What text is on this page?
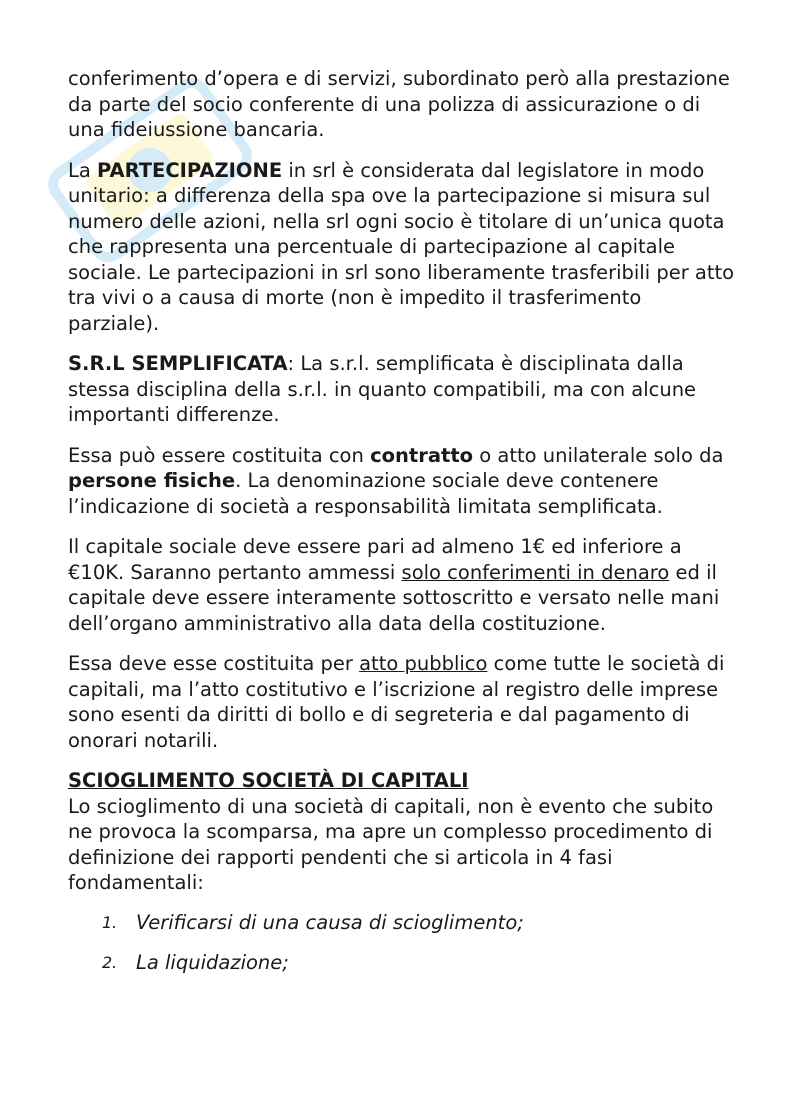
conferimento d’opera e di servizi, subordinato però alla prestazione da parte del socio conferente di una polizza di assicurazione o di una fideiussione bancaria.

La PARTECIPAZIONE in srl è considerata dal legislatore in modo unitario: a differenza della spa ove la partecipazione si misura sul numero delle azioni, nella srl ogni socio è titolare di un’unica quota che rappresenta una percentuale di partecipazione al capitale sociale. Le partecipazioni in srl sono liberamente trasferibili per atto tra vivi o a causa di morte (non è impedito il trasferimento parziale).

S.R.L SEMPLIFICATA: La s.r.l. semplificata è disciplinata dalla stessa disciplina della s.r.l. in quanto compatibili, ma con alcune importanti differenze.

Essa può essere costituita con contratto o atto unilaterale solo da persone fisiche. La denominazione sociale deve contenere l’indicazione di società a responsabilità limitata semplificata.

Il capitale sociale deve essere pari ad almeno 1€ ed inferiore a €10K. Saranno pertanto ammessi solo conferimenti in denaro ed il capitale deve essere interamente sottoscritto e versato nelle mani dell’organo amministrativo alla data della costituzione.

Essa deve esse costituita per atto pubblico come tutte le società di capitali, ma l’atto costitutivo e l’iscrizione al registro delle imprese sono esenti da diritti di bollo e di segreteria e dal pagamento di onorari notarili.

SCIOGLIMENTO SOCIETÀ DI CAPITALI

Lo scioglimento di una società di capitali, non è evento che subito ne provoca la scomparsa, ma apre un complesso procedimento di definizione dei rapporti pendenti che si articola in 4 fasi fondamentali:

1. Verificarsi di una causa di scioglimento;
2. La liquidazione;
